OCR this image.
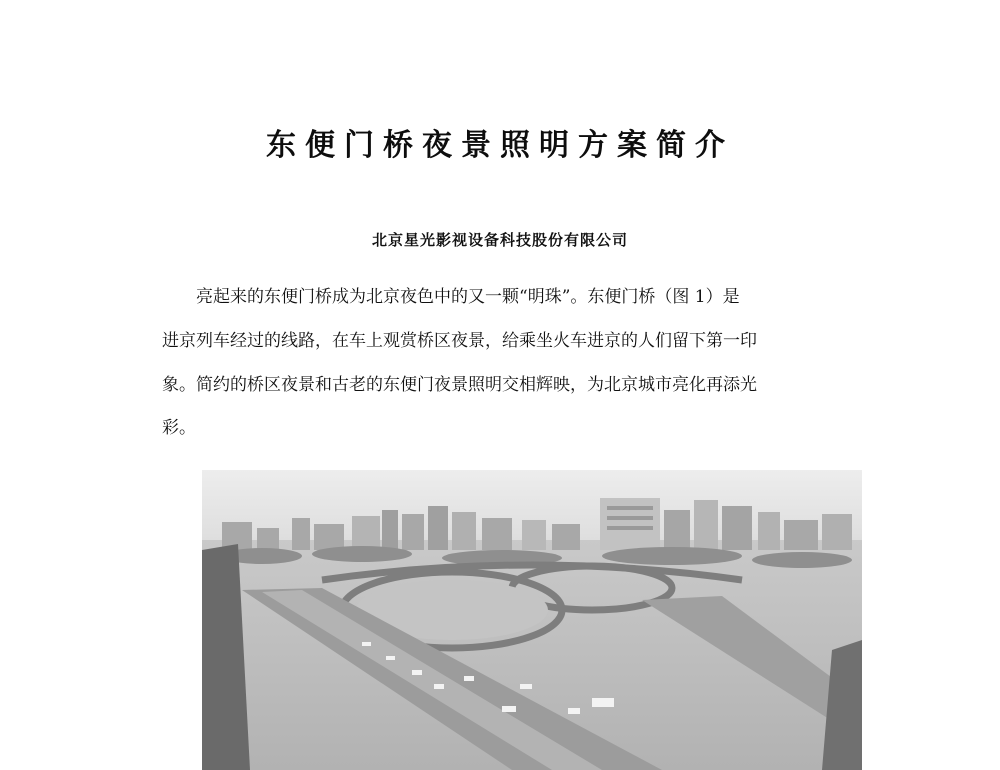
东便门桥夜景照明方案简介
北京星光影视设备科技股份有限公司
亮起来的东便门桥成为北京夜色中的又一颗“明珠”。东便门桥（图 1）是
进京列车经过的线路，在车上观赏桥区夜景，给乘坐火车进京的人们留下第一印
象。简约的桥区夜景和古老的东便门夜景照明交相辉映，为北京城市亮化再添光
彩。
